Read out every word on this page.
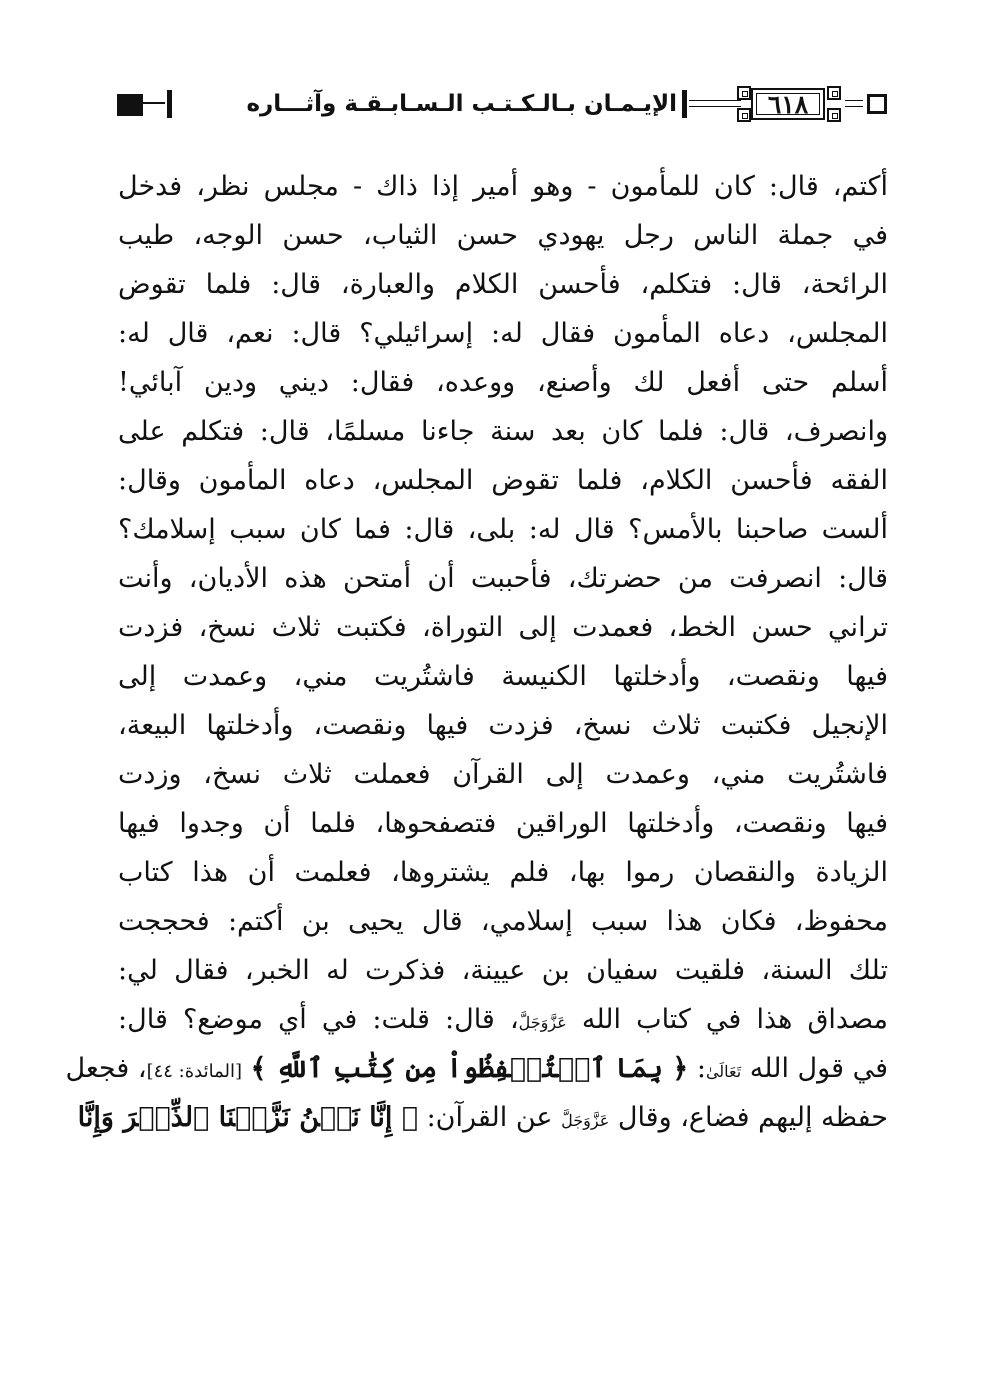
الإيـمـان بـالـكـتـب الـسـابـقـة وآثـــاره	٦١٨
أكتم، قال: كان للمأمون - وهو أمير إذا ذاك - مجلس نظر، فدخل
في جملة الناس رجل يهودي حسن الثياب، حسن الوجه، طيب
الرائحة، قال: فتكلم، فأحسن الكلام والعبارة، قال: فلما تقوض
المجلس، دعاه المأمون فقال له: إسرائيلي؟ قال: نعم، قال له:
أسلم حتى أفعل لك وأصنع، ووعده، فقال: ديني ودين آبائي!
وانصرف، قال: فلما كان بعد سنة جاءنا مسلمًا، قال: فتكلم على
الفقه فأحسن الكلام، فلما تقوض المجلس، دعاه المأمون وقال:
ألست صاحبنا بالأمس؟ قال له: بلى، قال: فما كان سبب إسلامك؟
قال: انصرفت من حضرتك، فأحببت أن أمتحن هذه الأديان، وأنت
تراني حسن الخط، فعمدت إلى التوراة، فكتبت ثلاث نسخ، فزدت
فيها ونقصت، وأدخلتها الكنيسة فاشتُريت مني، وعمدت إلى
الإنجيل فكتبت ثلاث نسخ، فزدت فيها ونقصت، وأدخلتها البيعة،
فاشتُريت مني، وعمدت إلى القرآن فعملت ثلاث نسخ، وزدت
فيها ونقصت، وأدخلتها الوراقين فتصفحوها، فلما أن وجدوا فيها
الزيادة والنقصان رموا بها، فلم يشتروها، فعلمت أن هذا كتاب
محفوظ، فكان هذا سبب إسلامي، قال يحيى بن أكتم: فحججت
تلك السنة، فلقيت سفيان بن عيينة، فذكرت له الخبر، فقال لي:
مصداق هذا في كتاب الله عَزَّوَجَلَّ، قال: قلت: في أي موضع؟ قال:
في قول الله تَعَالَىٰ: ﴿ بِمَا ٱسۡتُحۡفِظُواْ مِن كِتَٰبِ ٱللَّهِ ﴾ [المائدة: ٤٤]، فجعل
حفظه إليهم فضاع، وقال عَزَّوَجَلَّ عن القرآن: ﴿ إِنَّا نَحۡنُ نَزَّلۡنَا ٱلذِّكۡرَ وَإِنَّا
